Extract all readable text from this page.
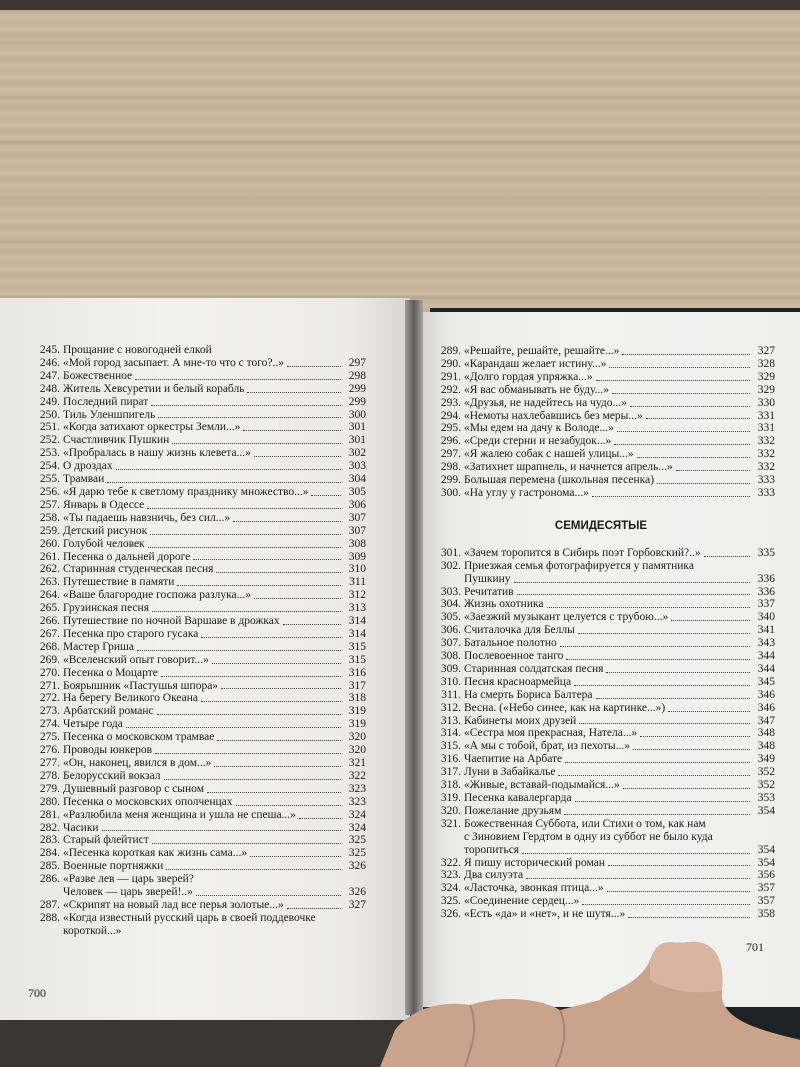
245. Прощание с новогодней елкой
246. «Мой город засыпает. А мне-то что с того?..»	297
247. Божественное	298
248. Житель Хевсуретии и белый корабль	299
249. Последний пират	299
250. Тиль Уленшпигель	300
251. «Когда затихают оркестры Земли...»	301
252. Счастливчик Пушкин	301
253. «Пробралась в нашу жизнь клевета...»	302
254. О дроздах	303
255. Трамваи	304
256. «Я дарю тебе к светлому празднику множество...»	305
257. Январь в Одессе	306
258. «Ты падаешь навзничь, без сил...»	307
259. Детский рисунок	307
260. Голубой человек	308
261. Песенка о дальней дороге	309
262. Старинная студенческая песня	310
263. Путешествие в памяти	311
264. «Ваше благородие госпожа разлука...»	312
265. Грузинская песня	313
266. Путешествие по ночной Варшаве в дрожках	314
267. Песенка про старого гусака	314
268. Мастер Гриша	315
269. «Вселенский опыт говорит...»	315
270. Песенка о Моцарте	316
271. Боярышник «Пастушья шпора»	317
272. На берегу Великого Океана	318
273. Арбатский романс	319
274. Четыре года	319
275. Песенка о московском трамвае	320
276. Проводы юнкеров	320
277. «Он, наконец, явился в дом...»	321
278. Белорусский вокзал	322
279. Душевный разговор с сыном	323
280. Песенка о московских ополченцах	323
281. «Разлюбила меня женщина и ушла не спеша...»	324
282. Часики	324
283. Старый флейтист	325
284. «Песенка короткая как жизнь сама...»	325
285. Военные портняжки	326
286. «Разве лев — царь зверей?
Человек — царь зверей!..»	326
287. «Скрипят на новый лад все перья золотые...»	327
288. «Когда известный русский царь в своей поддевочке
короткой...»
289. «Решайте, решайте, решайте...»	327
290. «Карандаш желает истину...»	328
291. «Долго гордая упряжка...»	329
292. «Я вас обманывать не буду...»	329
293. «Друзья, не надейтесь на чудо...»	330
294. «Немоты нахлебавшись без меры...»	331
295. «Мы едем на дачу к Володе...»	331
296. «Среди стерни и незабудок...»	332
297. «Я жалею собак с нашей улицы...»	332
298. «Затихнет шрапнель, и начнется апрель...»	332
299. Большая перемена (школьная песенка)	333
300. «На углу у гастронома...»	333
СЕМИДЕСЯТЫЕ
301. «Зачем торопится в Сибирь поэт Горбовский?..»	335
302. Приезжая семья фотографируется у памятника
Пушкину	336
303. Речитатив	336
304. Жизнь охотника	337
305. «Заезжий музыкант целуется с трубою...»	340
306. Считалочка для Беллы	341
307. Батальное полотно	343
308. Послевоенное танго	344
309. Старинная солдатская песня	344
310. Песня красноармейца	345
311. На смерть Бориса Балтера	346
312. Весна. («Небо синее, как на картинке...»)	346
313. Кабинеты моих друзей	347
314. «Сестра моя прекрасная, Натела...»	348
315. «А мы с тобой, брат, из пехоты...»	348
316. Чаепитие на Арбате	349
317. Луни в Забайкалье	352
318. «Живые, вставай-подымайся...»	352
319. Песенка кавалергарда	353
320. Пожелание друзьям	354
321. Божественная Суббота, или Стихи о том, как нам
с Зиновием Гердтом в одну из суббот не было куда
торопиться	354
322. Я пишу исторический роман	354
323. Два силуэта	356
324. «Ласточка, звонкая птица...»	357
325. «Соединение сердец...»	357
326. «Есть «да» и «нет», и не шутя...»	358
700
701
